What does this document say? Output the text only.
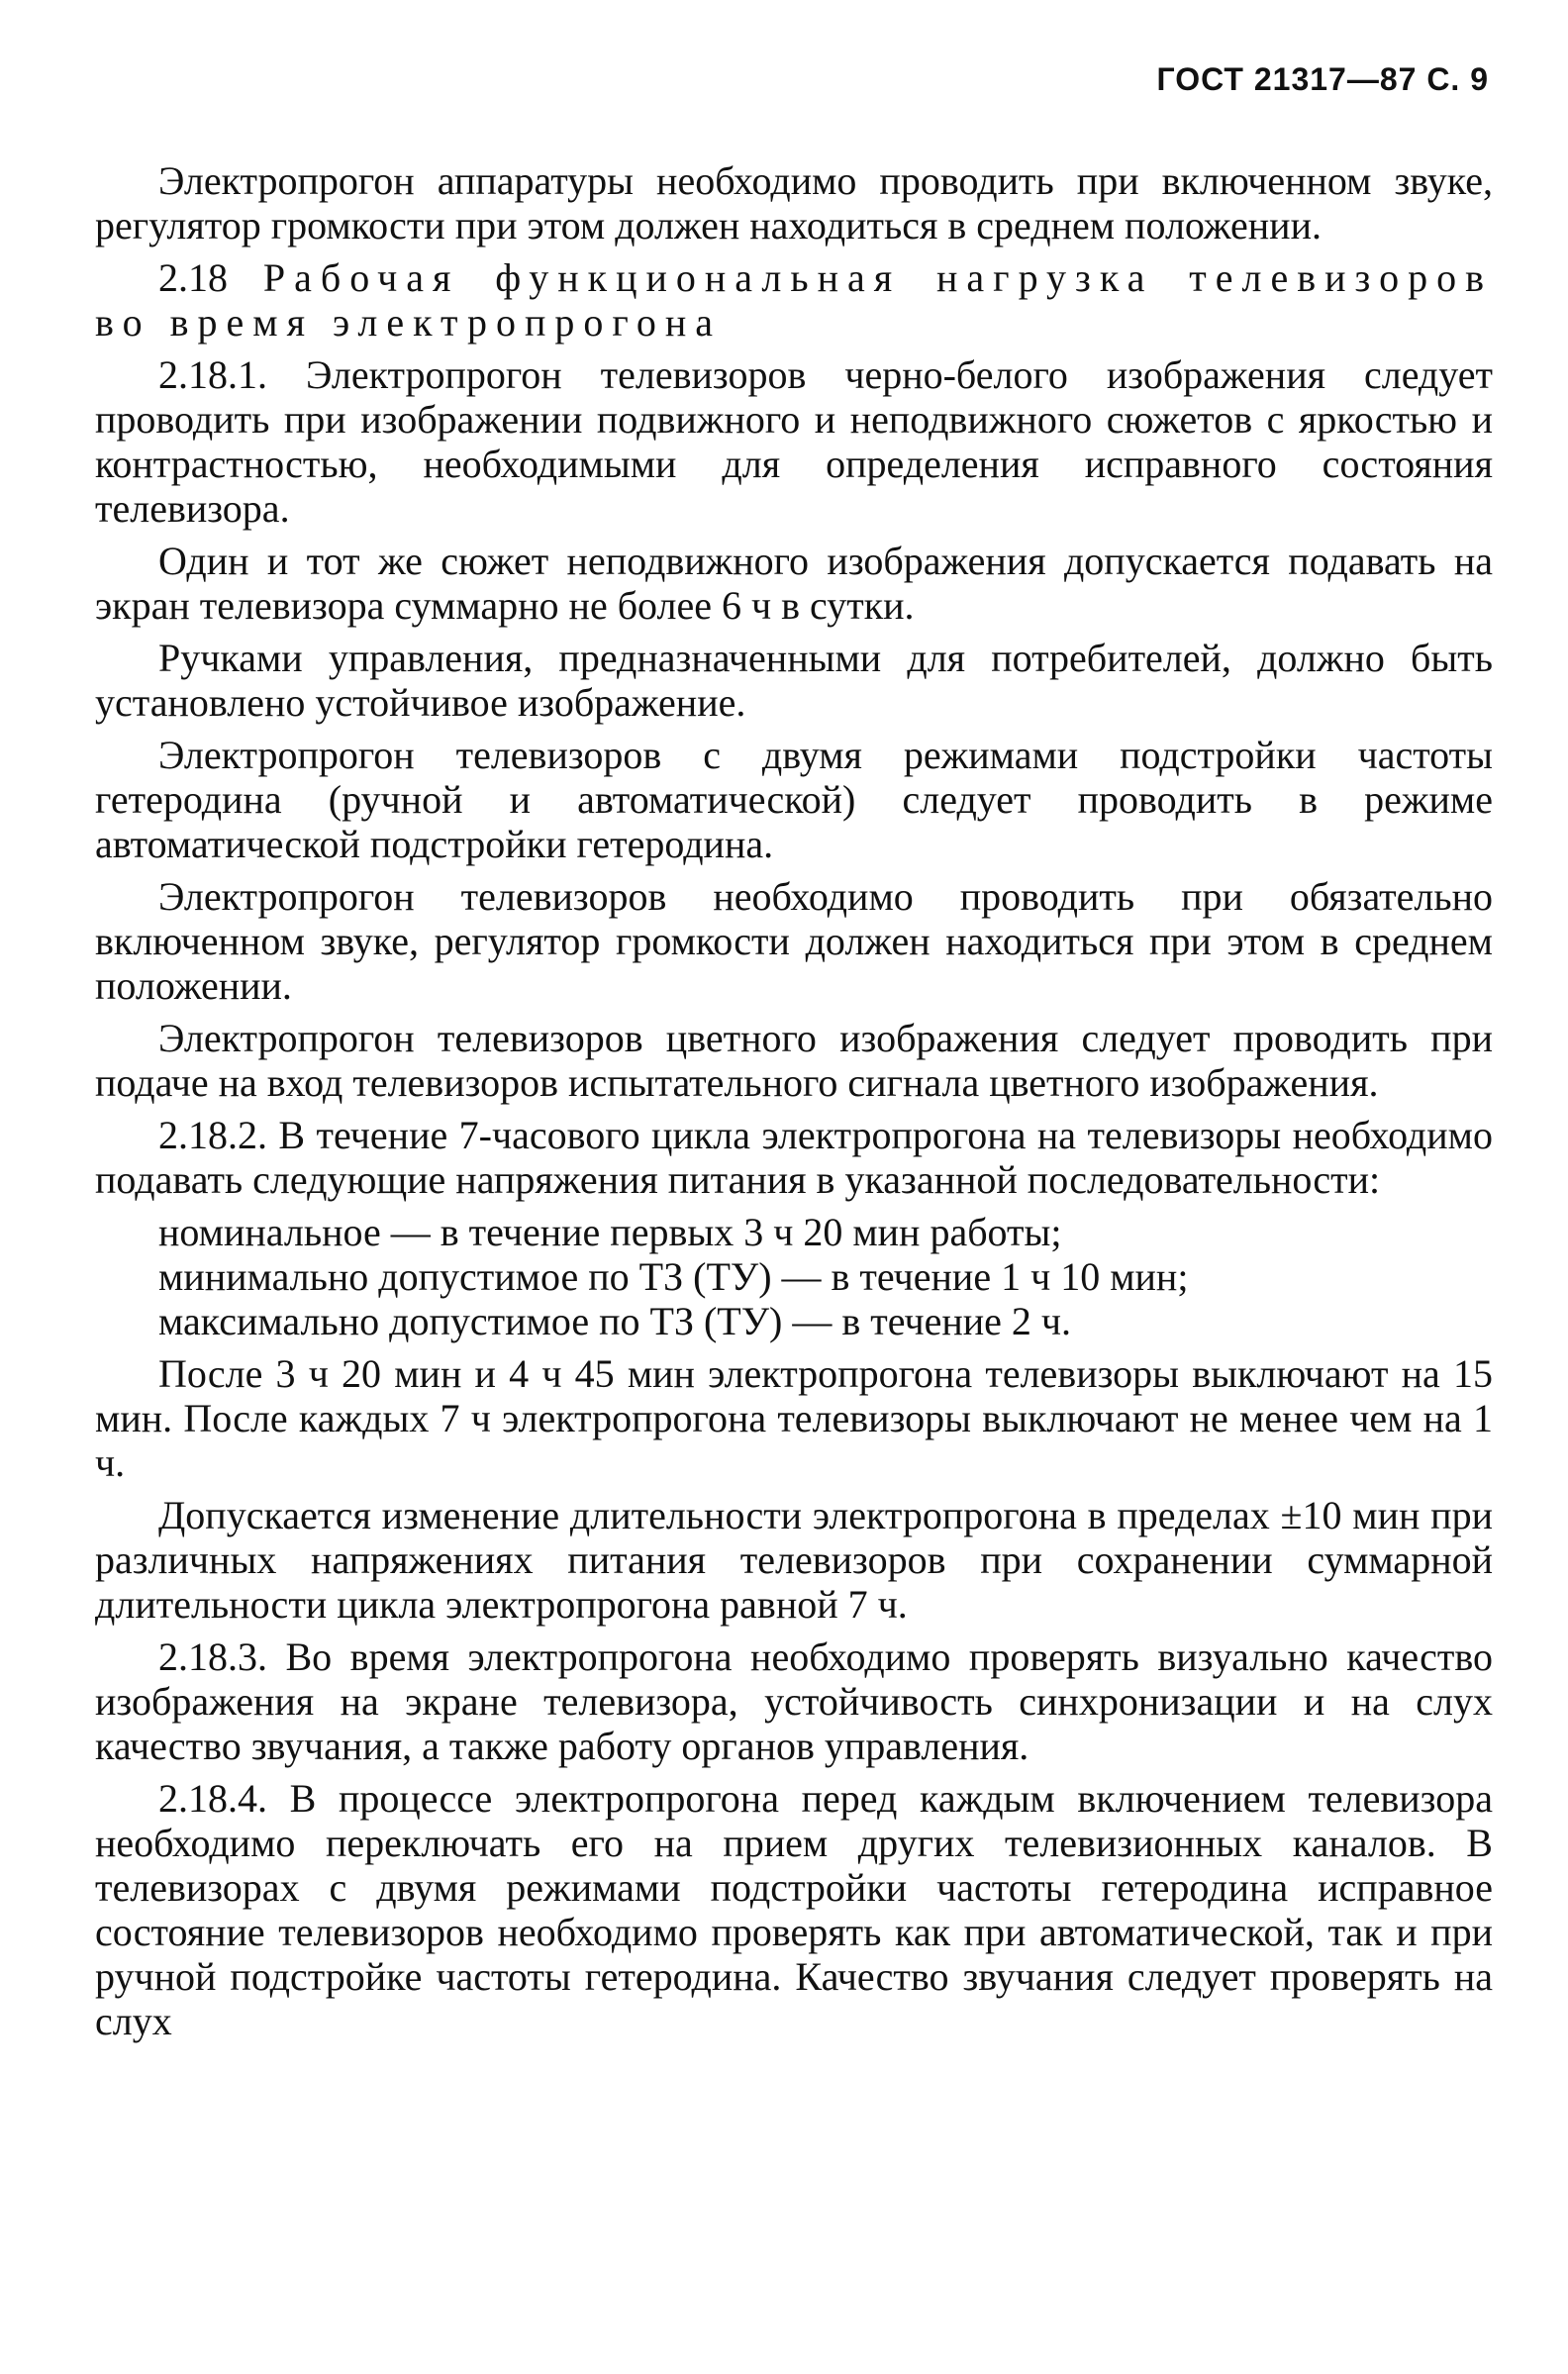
ГОСТ 21317—87 С. 9

Электропрогон аппаратуры необходимо проводить при включенном звуке, регулятор громкости при этом должен находиться в среднем положении.

2.18 Рабочая функциональная нагрузка телевизоров во время электропрогона

2.18.1. Электропрогон телевизоров черно-белого изображения следует проводить при изображении подвижного и неподвижного сюжетов с яркостью и контрастностью, необходимыми для определения исправного состояния телевизора.

Один и тот же сюжет неподвижного изображения допускается подавать на экран телевизора суммарно не более 6 ч в сутки.

Ручками управления, предназначенными для потребителей, должно быть установлено устойчивое изображение.

Электропрогон телевизоров с двумя режимами подстройки частоты гетеродина (ручной и автоматической) следует проводить в режиме автоматической подстройки гетеродина.

Электропрогон телевизоров необходимо проводить при обязательно включенном звуке, регулятор громкости должен находиться при этом в среднем положении.

Электропрогон телевизоров цветного изображения следует проводить при подаче на вход телевизоров испытательного сигнала цветного изображения.

2.18.2. В течение 7-часового цикла электропрогона на телевизоры необходимо подавать следующие напряжения питания в указанной последовательности:

номинальное — в течение первых 3 ч 20 мин работы;

минимально допустимое по ТЗ (ТУ) — в течение 1 ч 10 мин;

максимально допустимое по ТЗ (ТУ) — в течение 2 ч.

После 3 ч 20 мин и 4 ч 45 мин электропрогона телевизоры выключают на 15 мин. После каждых 7 ч электропрогона телевизоры выключают не менее чем на 1 ч.

Допускается изменение длительности электропрогона в пределах ±10 мин при различных напряжениях питания телевизоров при сохранении суммарной длительности цикла электропрогона равной 7 ч.

2.18.3. Во время электропрогона необходимо проверять визуально качество изображения на экране телевизора, устойчивость синхронизации и на слух качество звучания, а также работу органов управления.

2.18.4. В процессе электропрогона перед каждым включением телевизора необходимо переключать его на прием других телевизионных каналов. В телевизорах с двумя режимами подстройки частоты гетеродина исправное состояние телевизоров необходимо проверять как при автоматической, так и при ручной подстройке частоты гетеродина. Качество звучания следует проверять на слух
